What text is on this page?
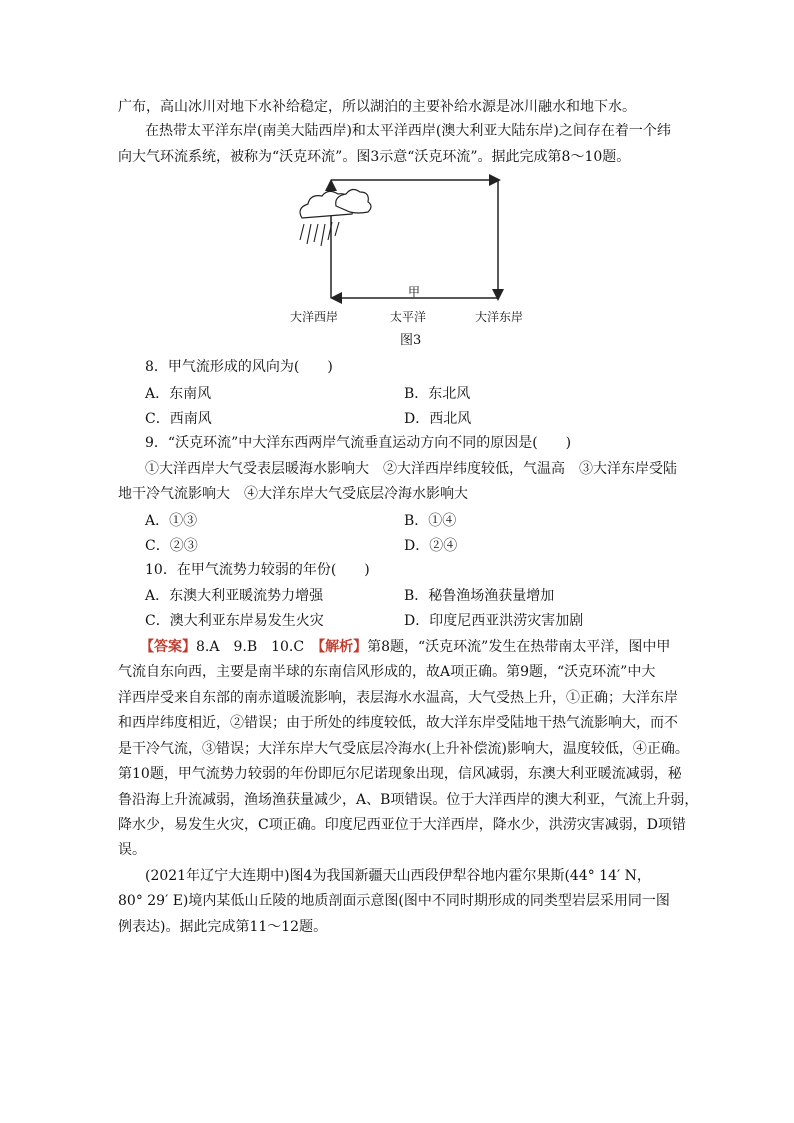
广布，高山冰川对地下水补给稳定，所以湖泊的主要补给水源是冰川融水和地下水。
在热带太平洋东岸(南美大陆西岸)和太平洋西岸(澳大利亚大陆东岸)之间存在着一个纬
向大气环流系统，被称为“沃克环流”。图3示意“沃克环流”。据此完成第8～10题。
甲
大洋西岸	太平洋	大洋东岸
图3
8．甲气流形成的风向为(　　)
A．东南风	B．东北风
C．西南风	D．西北风
9．“沃克环流”中大洋东西两岸气流垂直运动方向不同的原因是(　　)
①大洋西岸大气受表层暖海水影响大　②大洋西岸纬度较低，气温高　③大洋东岸受陆
地干冷气流影响大　④大洋东岸大气受底层冷海水影响大
A．①③	B．①④
C．②③	D．②④
10．在甲气流势力较弱的年份(　　)
A．东澳大利亚暖流势力增强	B．秘鲁渔场渔获量增加
C．澳大利亚东岸易发生火灾	D．印度尼西亚洪涝灾害加剧
【答案】8.A　9.B　10.C　【解析】第8题，“沃克环流”发生在热带南太平洋，图中甲
气流自东向西，主要是南半球的东南信风形成的，故A项正确。第9题，“沃克环流”中大
洋西岸受来自东部的南赤道暖流影响，表层海水水温高，大气受热上升，①正确；大洋东岸
和西岸纬度相近，②错误；由于所处的纬度较低，故大洋东岸受陆地干热气流影响大，而不
是干冷气流，③错误；大洋东岸大气受底层冷海水(上升补偿流)影响大，温度较低，④正确。
第10题，甲气流势力较弱的年份即厄尔尼诺现象出现，信风减弱，东澳大利亚暖流减弱，秘
鲁沿海上升流减弱，渔场渔获量减少，A、B项错误。位于大洋西岸的澳大利亚，气流上升弱，
降水少，易发生火灾，C项正确。印度尼西亚位于大洋西岸，降水少，洪涝灾害减弱，D项错
误。
(2021年辽宁大连期中)图4为我国新疆天山西段伊犁谷地内霍尔果斯(44° 14′ N，
80° 29′ E)境内某低山丘陵的地质剖面示意图(图中不同时期形成的同类型岩层采用同一图
例表达)。据此完成第11～12题。
